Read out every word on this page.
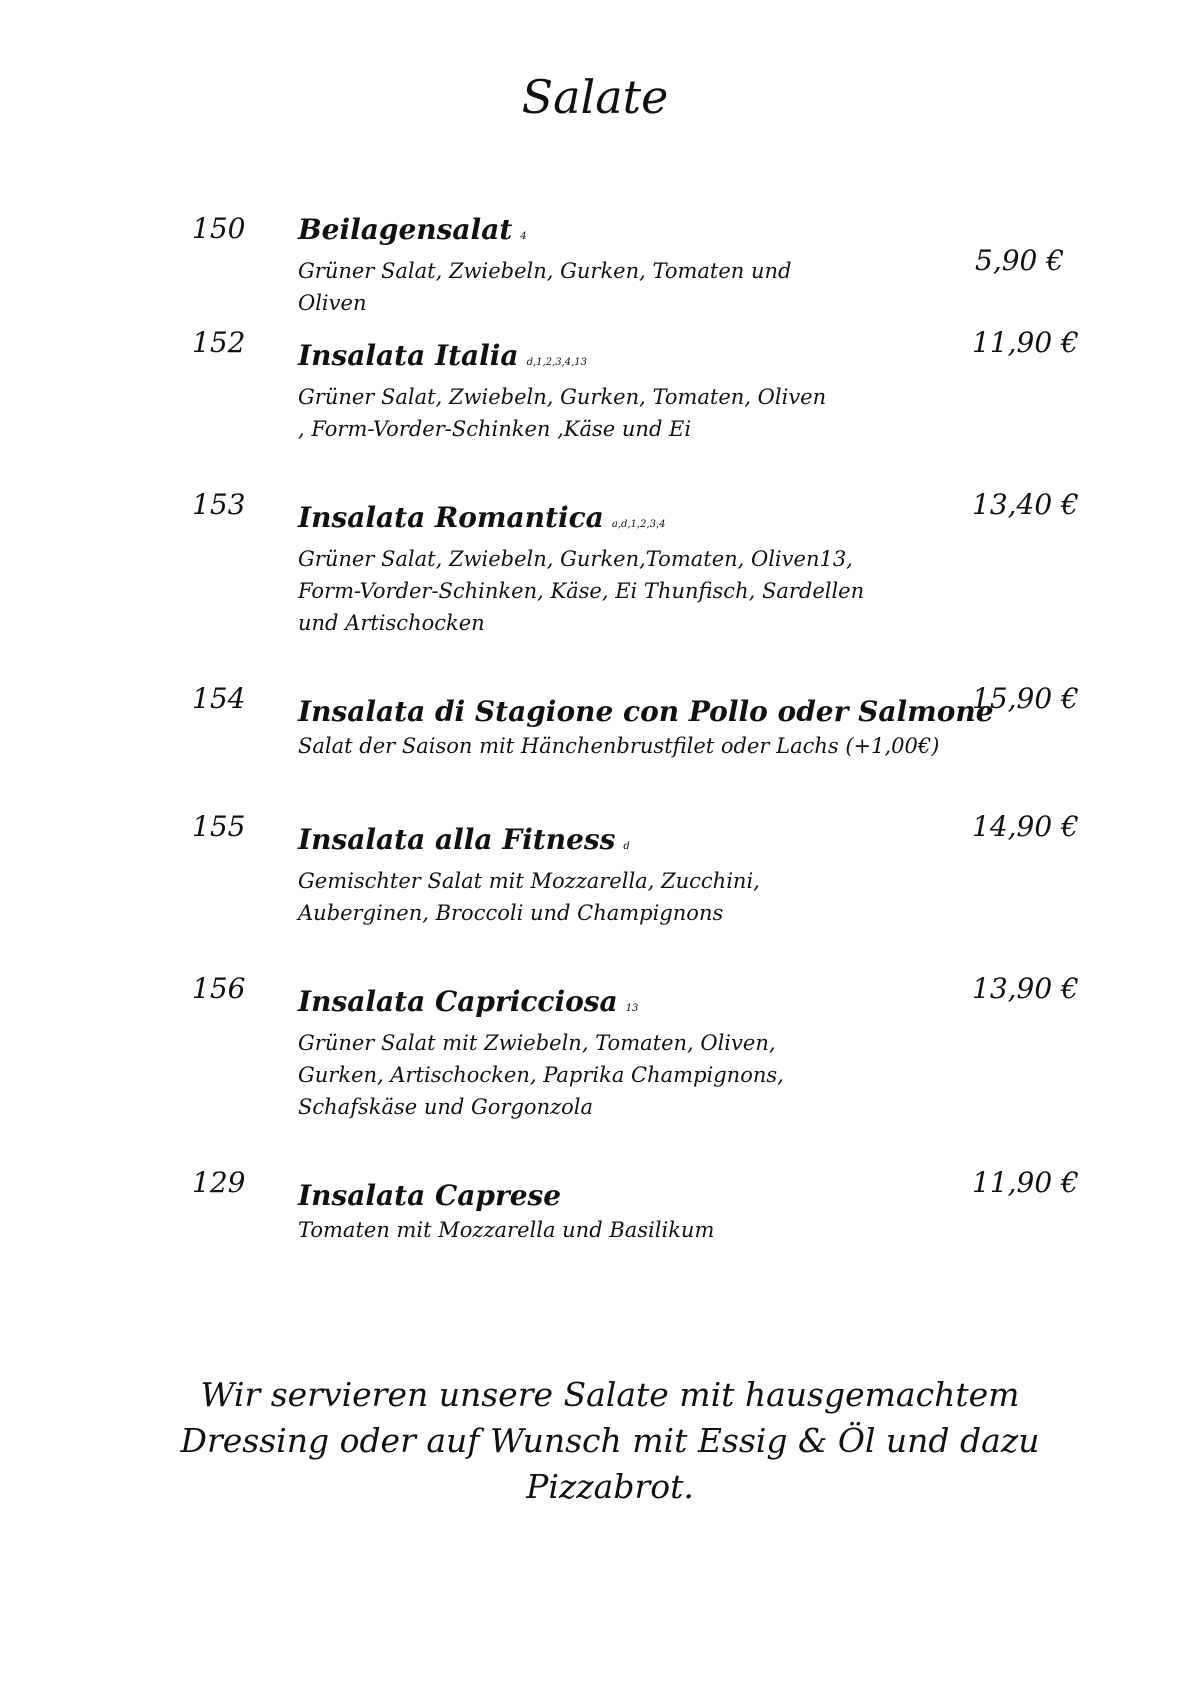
Salate
150 Beilagensalat 4
Grüner Salat, Zwiebeln, Gurken, Tomaten und Oliven
5,90 €
152 Insalata Italia d,1,2,3,4,13
Grüner Salat, Zwiebeln, Gurken, Tomaten, Oliven , Form-Vorder-Schinken ,Käse und Ei
11,90 €
153 Insalata Romantica a,d,1,2,3,4
Grüner Salat, Zwiebeln, Gurken,Tomaten, Oliven13, Form-Vorder-Schinken, Käse, Ei Thunfisch, Sardellen und Artischocken
13,40 €
154 Insalata di Stagione con Pollo oder Salmone
Salat der Saison mit Hänchenbrustfilet oder Lachs (+1,00€)
15,90 €
155 Insalata alla Fitness d
Gemischter Salat mit Mozzarella, Zucchini, Auberginen, Broccoli und Champignons
14,90 €
156 Insalata Capricciosa 13
Grüner Salat mit Zwiebeln, Tomaten, Oliven, Gurken, Artischocken, Paprika Champignons, Schafskäse und Gorgonzola
13,90 €
129 Insalata Caprese
Tomaten mit Mozzarella und Basilikum
11,90 €

Wir servieren unsere Salate mit hausgemachtem Dressing oder auf Wunsch mit Essig & Öl und dazu Pizzabrot.
